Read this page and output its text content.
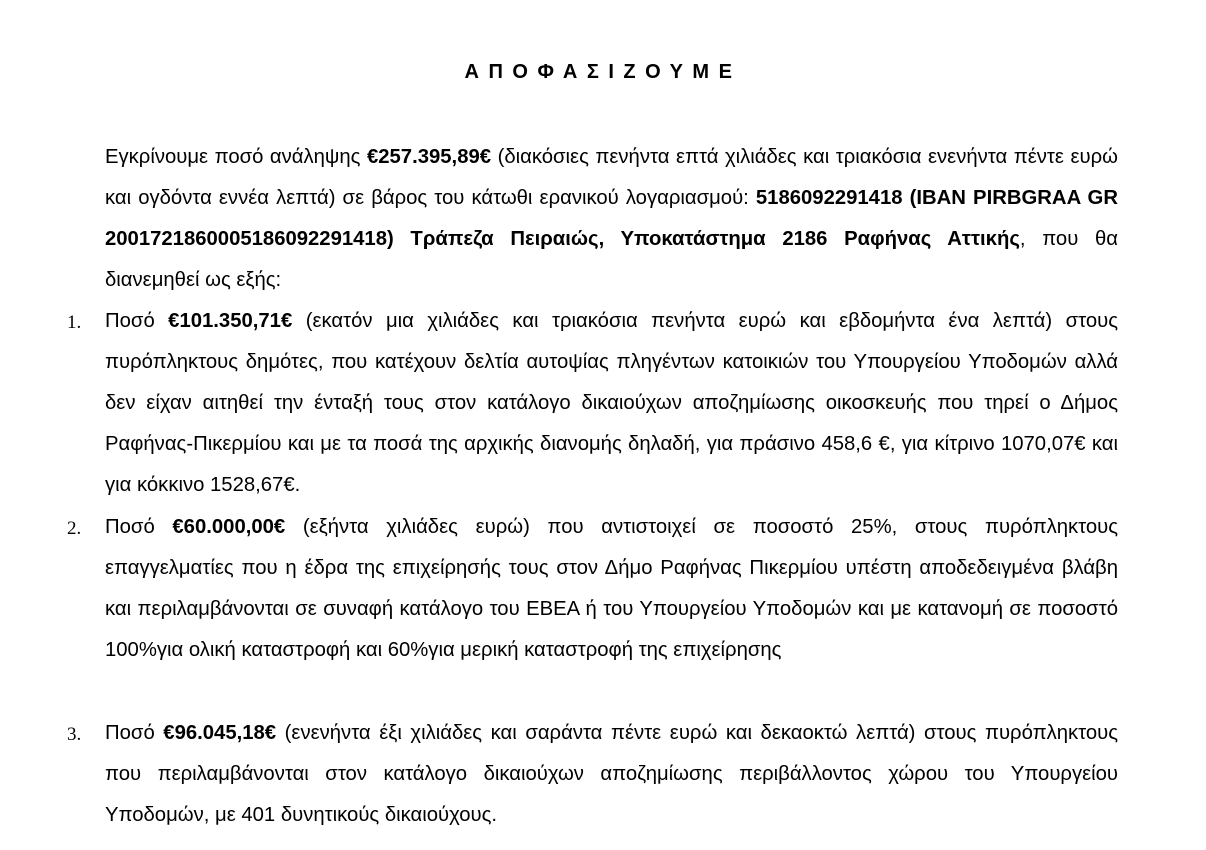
ΑΠΟΦΑΣΙΖΟΥΜΕ

Εγκρίνουμε ποσό ανάληψης €257.395,89€ (διακόσιες πενήντα επτά χιλιάδες και τριακόσια ενενήντα πέντε ευρώ και ογδόντα εννέα λεπτά) σε βάρος του κάτωθι ερανικού λογαριασμού: 5186092291418 (IBAN PIRBGRAA GR 2001721860005186092291418) Τράπεζα Πειραιώς, Υποκατάστημα 2186 Ραφήνας Αττικής, που θα διανεμηθεί ως εξής:

1. Ποσό €101.350,71€ (εκατόν μια χιλιάδες και τριακόσια πενήντα ευρώ και εβδομήντα ένα λεπτά) στους πυρόπληκτους δημότες, που κατέχουν δελτία αυτοψίας πληγέντων κατοικιών του Υπουργείου Υποδομών αλλά δεν είχαν αιτηθεί την ένταξή τους στον κατάλογο δικαιούχων αποζημίωσης οικοσκευής που τηρεί ο Δήμος Ραφήνας-Πικερμίου και με τα ποσά της αρχικής διανομής δηλαδή, για πράσινο 458,6 €, για κίτρινο 1070,07€ και για κόκκινο 1528,67€.

2. Ποσό €60.000,00€ (εξήντα χιλιάδες ευρώ) που αντιστοιχεί σε ποσοστό 25%, στους πυρόπληκτους επαγγελματίες που η έδρα της επιχείρησής τους στον Δήμο Ραφήνας Πικερμίου υπέστη αποδεδειγμένα βλάβη και περιλαμβάνονται σε συναφή κατάλογο του ΕΒΕΑ ή του Υπουργείου Υποδομών και με κατανομή σε ποσοστό 100%για ολική καταστροφή και 60%για μερική καταστροφή της επιχείρησης

3. Ποσό €96.045,18€ (ενενήντα έξι χιλιάδες και σαράντα πέντε ευρώ και δεκαοκτώ λεπτά) στους πυρόπληκτους που περιλαμβάνονται στον κατάλογο δικαιούχων αποζημίωσης περιβάλλοντος χώρου του Υπουργείου Υποδομών, με 401 δυνητικούς δικαιούχους.
